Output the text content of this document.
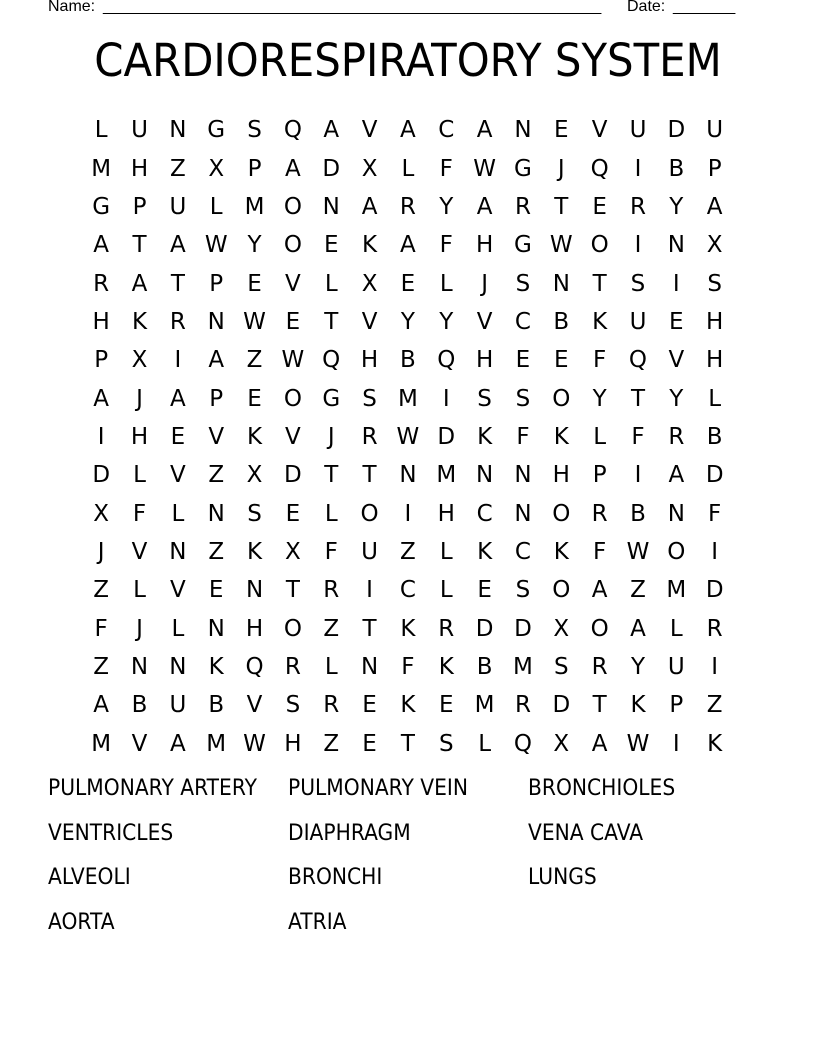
Name: ________________________________________________________ Date: _______
CARDIORESPIRATORY SYSTEM
L	U N G S Q A V A C A N E	V U D U
M H Z X	P	A D X	L	F W G	J	Q	I	B	P
G P U	L M O N A R	Y	A R	T	E	R	Y	A
A	T	A W Y O E	K A	F	H G W O	I	N X
R A	T	P	E	V	L	X	E	L	J	S N T	S	I	S
H K R N W E	T	V	Y	Y	V C B K U E H
P	X	I	A Z W Q H B Q H E	E	F Q V H
A	J	A	P	E O G S M	I	S	S O Y	T	Y	L
I	H E	V K V	J	R W D K	F	K	L	F	R B
D	L	V Z X D T	T N M N N H P	I	A D
X	F	L	N S	E	L O	I	H C N O R B N	F
J	V N Z K X	F	U Z	L	K C K	F W O	I
Z	L	V	E N T	R	I	C	L	E	S O A Z M D
F	J	L	N H O Z	T	K R D D X O A	L	R
Z N N K Q R	L	N	F	K B M S	R	Y U	I
A B U B V	S	R	E	K	E M R D T	K	P	Z
M V A M W H Z	E	T	S	L Q X A W	I	K
PULMONARY ARTERY	PULMONARY VEIN	BRONCHIOLES
VENTRICLES	DIAPHRAGM	VENA CAVA
ALVEOLI	BRONCHI	LUNGS
AORTA	ATRIA
